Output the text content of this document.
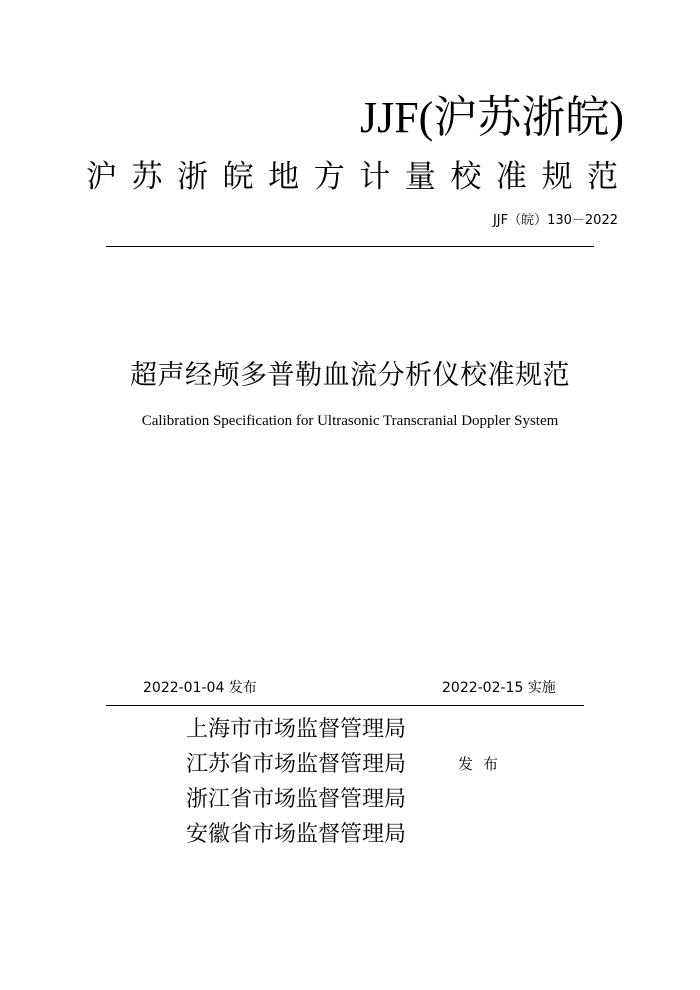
JJF(沪苏浙皖)
沪苏浙皖地方计量校准规范
JJF（皖）130－2022
超声经颅多普勒血流分析仪校准规范
Calibration Specification for Ultrasonic Transcranial Doppler System
2022-01-04 发布	2022-02-15 实施
上海市市场监督管理局
江苏省市场监督管理局
浙江省市场监督管理局
安徽省市场监督管理局
发布
